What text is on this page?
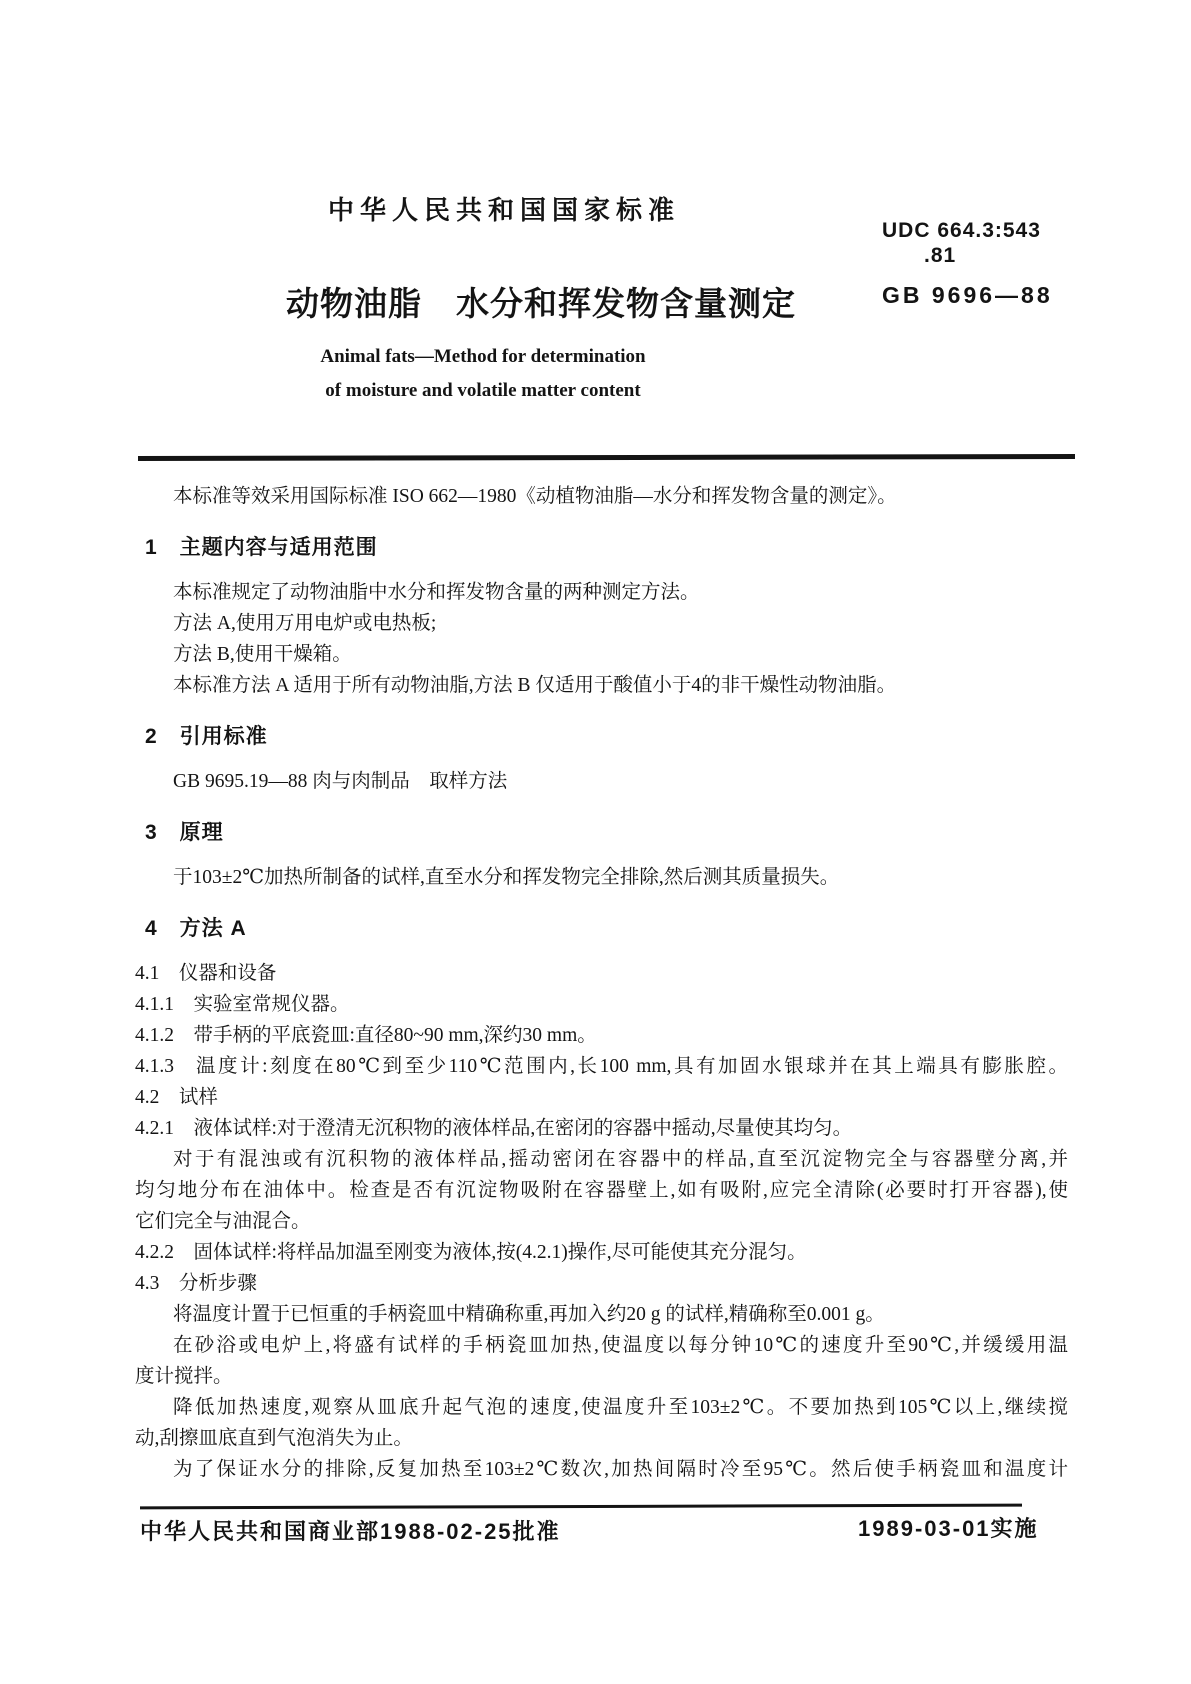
中华人民共和国国家标准
UDC 664.3:543
.81
GB 9696—88
动物油脂　水分和挥发物含量测定
Animal fats—Method for determination
of moisture and volatile matter content
本标准等效采用国际标准 ISO 662—1980《动植物油脂—水分和挥发物含量的测定》。
1 主题内容与适用范围
本标准规定了动物油脂中水分和挥发物含量的两种测定方法。
方法 A,使用万用电炉或电热板;
方法 B,使用干燥箱。
本标准方法 A 适用于所有动物油脂,方法 B 仅适用于酸值小于4的非干燥性动物油脂。
2 引用标准
GB 9695.19—88 肉与肉制品 取样方法
3 原理
于103±2℃加热所制备的试样,直至水分和挥发物完全排除,然后测其质量损失。
4 方法 A
4.1 仪器和设备
4.1.1 实验室常规仪器。
4.1.2 带手柄的平底瓷皿:直径80~90 mm,深约30 mm。
4.1.3 温度计:刻度在80℃到至少110℃范围内,长100 mm,具有加固水银球并在其上端具有膨胀腔。
4.2 试样
4.2.1 液体试样:对于澄清无沉积物的液体样品,在密闭的容器中摇动,尽量使其均匀。
对于有混浊或有沉积物的液体样品,摇动密闭在容器中的样品,直至沉淀物完全与容器壁分离,并
均匀地分布在油体中。检查是否有沉淀物吸附在容器壁上,如有吸附,应完全清除(必要时打开容器),使
它们完全与油混合。
4.2.2 固体试样:将样品加温至刚变为液体,按(4.2.1)操作,尽可能使其充分混匀。
4.3 分析步骤
将温度计置于已恒重的手柄瓷皿中精确称重,再加入约20 g 的试样,精确称至0.001 g。
在砂浴或电炉上,将盛有试样的手柄瓷皿加热,使温度以每分钟10℃的速度升至90℃,并缓缓用温
度计搅拌。
降低加热速度,观察从皿底升起气泡的速度,使温度升至103±2℃。不要加热到105℃以上,继续搅
动,刮擦皿底直到气泡消失为止。
为了保证水分的排除,反复加热至103±2℃数次,加热间隔时冷至95℃。然后使手柄瓷皿和温度计
中华人民共和国商业部1988-02-25批准	1989-03-01实施
